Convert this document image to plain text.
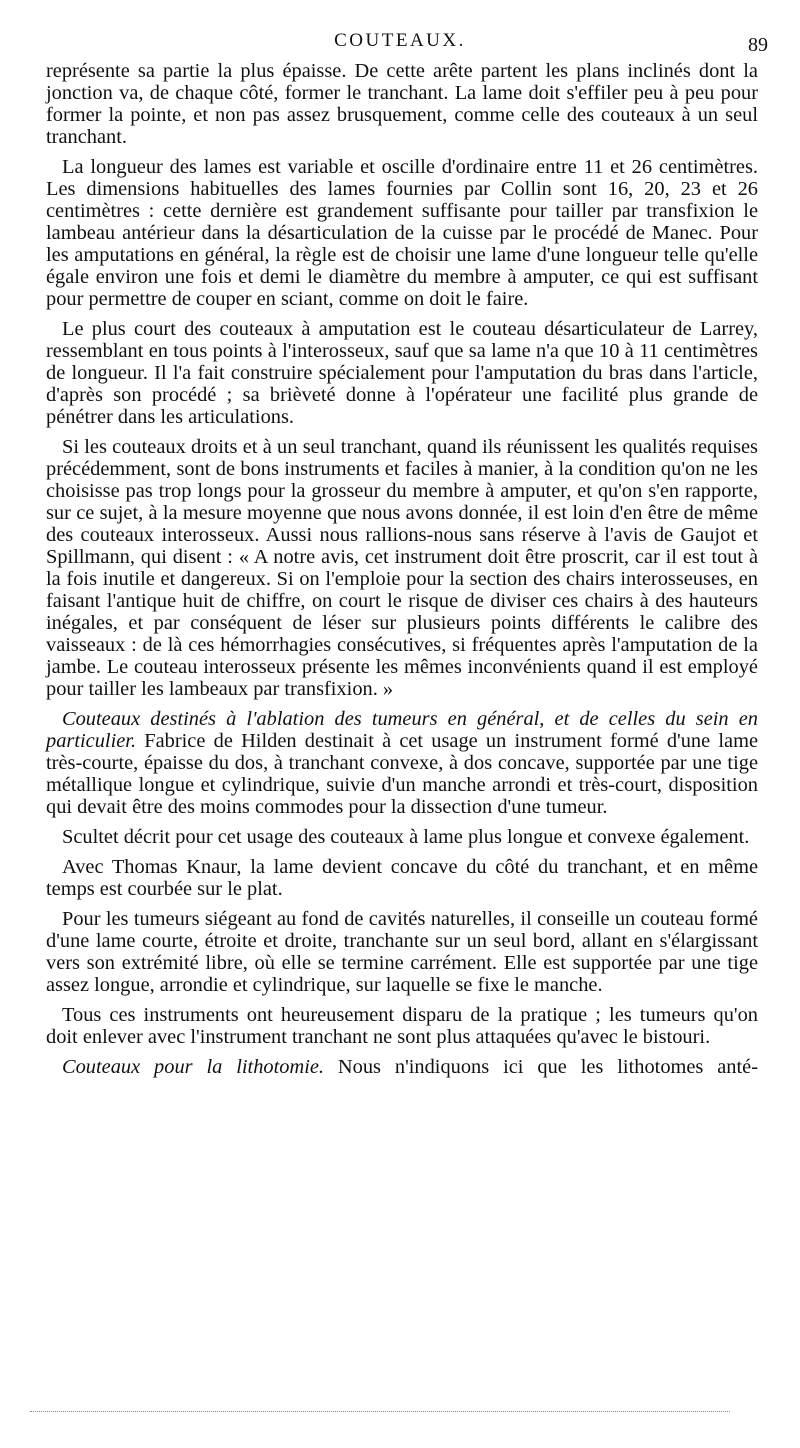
COUTEAUX.	89

représente sa partie la plus épaisse. De cette arête partent les plans inclinés dont la jonction va, de chaque côté, former le tranchant. La lame doit s'effiler peu à peu pour former la pointe, et non pas assez brusquement, comme celle des couteaux à un seul tranchant.

La longueur des lames est variable et oscille d'ordinaire entre 11 et 26 centimètres. Les dimensions habituelles des lames fournies par Collin sont 16, 20, 23 et 26 centimètres : cette dernière est grandement suffisante pour tailler par transfixion le lambeau antérieur dans la désarticulation de la cuisse par le procédé de Manec. Pour les amputations en général, la règle est de choisir une lame d'une longueur telle qu'elle égale environ une fois et demi le diamètre du membre à amputer, ce qui est suffisant pour permettre de couper en sciant, comme on doit le faire.

Le plus court des couteaux à amputation est le couteau désarticulateur de Larrey, ressemblant en tous points à l'interosseux, sauf que sa lame n'a que 10 à 11 centimètres de longueur. Il l'a fait construire spécialement pour l'amputation du bras dans l'article, d'après son procédé ; sa brièveté donne à l'opérateur une facilité plus grande de pénétrer dans les articulations.

Si les couteaux droits et à un seul tranchant, quand ils réunissent les qualités requises précédemment, sont de bons instruments et faciles à manier, à la condition qu'on ne les choisisse pas trop longs pour la grosseur du membre à amputer, et qu'on s'en rapporte, sur ce sujet, à la mesure moyenne que nous avons donnée, il est loin d'en être de même des couteaux interosseux. Aussi nous rallions-nous sans réserve à l'avis de Gaujot et Spillmann, qui disent : « A notre avis, cet instrument doit être proscrit, car il est tout à la fois inutile et dangereux. Si on l'emploie pour la section des chairs interosseuses, en faisant l'antique huit de chiffre, on court le risque de diviser ces chairs à des hauteurs inégales, et par conséquent de léser sur plusieurs points différents le calibre des vaisseaux : de là ces hémorrhagies consécutives, si fréquentes après l'amputation de la jambe. Le couteau interosseux présente les mêmes inconvénients quand il est employé pour tailler les lambeaux par transfixion. »

Couteaux destinés à l'ablation des tumeurs en général, et de celles du sein en particulier. Fabrice de Hilden destinait à cet usage un instrument formé d'une lame très-courte, épaisse du dos, à tranchant convexe, à dos concave, supportée par une tige métallique longue et cylindrique, suivie d'un manche arrondi et très-court, disposition qui devait être des moins commodes pour la dissection d'une tumeur.

Scultet décrit pour cet usage des couteaux à lame plus longue et convexe également.

Avec Thomas Knaur, la lame devient concave du côté du tranchant, et en même temps est courbée sur le plat.

Pour les tumeurs siégeant au fond de cavités naturelles, il conseille un couteau formé d'une lame courte, étroite et droite, tranchante sur un seul bord, allant en s'élargissant vers son extrémité libre, où elle se termine carrément. Elle est supportée par une tige assez longue, arrondie et cylindrique, sur laquelle se fixe le manche.

Tous ces instruments ont heureusement disparu de la pratique ; les tumeurs qu'on doit enlever avec l'instrument tranchant ne sont plus attaquées qu'avec le bistouri.

Couteaux pour la lithotomie. Nous n'indiquons ici que les lithotomes anté-
